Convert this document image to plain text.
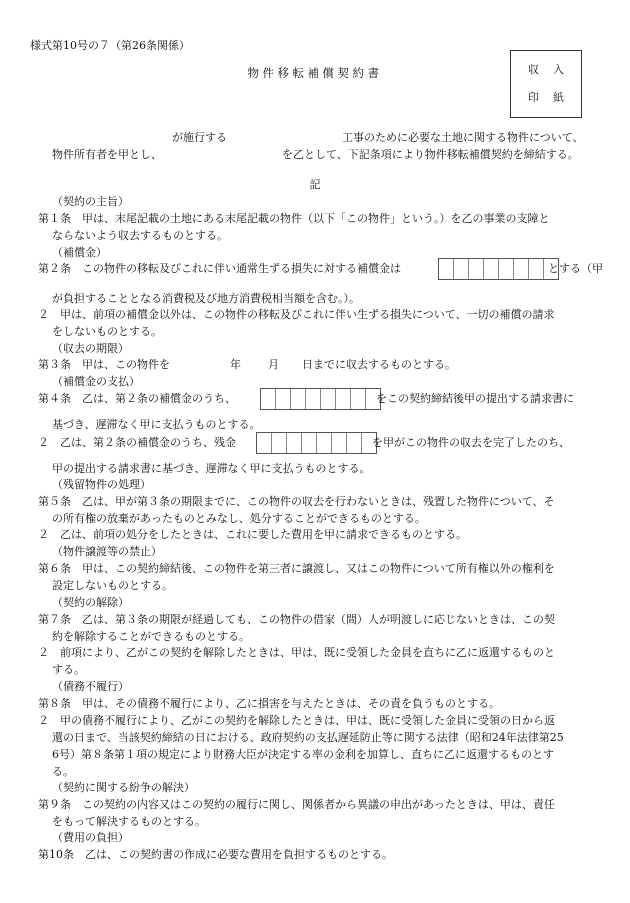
様式第10号の７（第26条関係）
物件移転補償契約書	収入
印紙
が施行する	工事のために必要な土地に関する物件について、
物件所有者を甲とし、	を乙として、下記条項により物件移転補償契約を締結する。
記
（契約の主旨）
第１条　甲は、末尾記載の土地にある末尾記載の物件（以下「この物件」という。）を乙の事業の支障と
ならないよう収去するものとする。
（補償金）
第２条　この物件の移転及びこれに伴い通常生ずる損失に対する補償金は	とする（甲
が負担することとなる消費税及び地方消費税相当額を含む。）。
２　甲は、前項の補償金以外は、この物件の移転及びこれに伴い生ずる損失について、一切の補償の請求
をしないものとする。
（収去の期限）
第３条　甲は、この物件を	年 月 日までに収去するものとする。
（補償金の支払）
第４条　乙は、第２条の補償金のうち、	をこの契約締結後甲の提出する請求書に
基づき、遅滞なく甲に支払うものとする。
２　乙は、第２条の補償金のうち、残金	を甲がこの物件の収去を完了したのち、
甲の提出する請求書に基づき、遅滞なく甲に支払うものとする。
（残留物件の処理）
第５条　乙は、甲が第３条の期限までに、この物件の収去を行わないときは、残置した物件について、そ
の所有権の放棄があったものとみなし、処分することができるものとする。
２　乙は、前項の処分をしたときは、これに要した費用を甲に請求できるものとする。
（物件譲渡等の禁止）
第６条　甲は、この契約締結後、この物件を第三者に譲渡し、又はこの物件について所有権以外の権利を
設定しないものとする。
（契約の解除）
第７条　乙は、第３条の期限が経過しても、この物件の借家（間）人が明渡しに応じないときは、この契
約を解除することができるものとする。
２　前項により、乙がこの契約を解除したときは、甲は、既に受領した金員を直ちに乙に返還するものと
する。
（債務不履行）
第８条　甲は、その債務不履行により、乙に損害を与えたときは、その責を負うものとする。
２　甲の債務不履行により、乙がこの契約を解除したときは、甲は、既に受領した金員に受領の日から返
還の日まで、当該契約締結の日における、政府契約の支払遅延防止等に関する法律（昭和24年法律第25
6号）第８条第１項の規定により財務大臣が決定する率の金利を加算し、直ちに乙に返還するものとす
る。
（契約に関する紛争の解決）
第９条　この契約の内容又はこの契約の履行に関し、関係者から異議の申出があったときは、甲は、責任
をもって解決するものとする。
（費用の負担）
第10条　乙は、この契約書の作成に必要な費用を負担するものとする。
